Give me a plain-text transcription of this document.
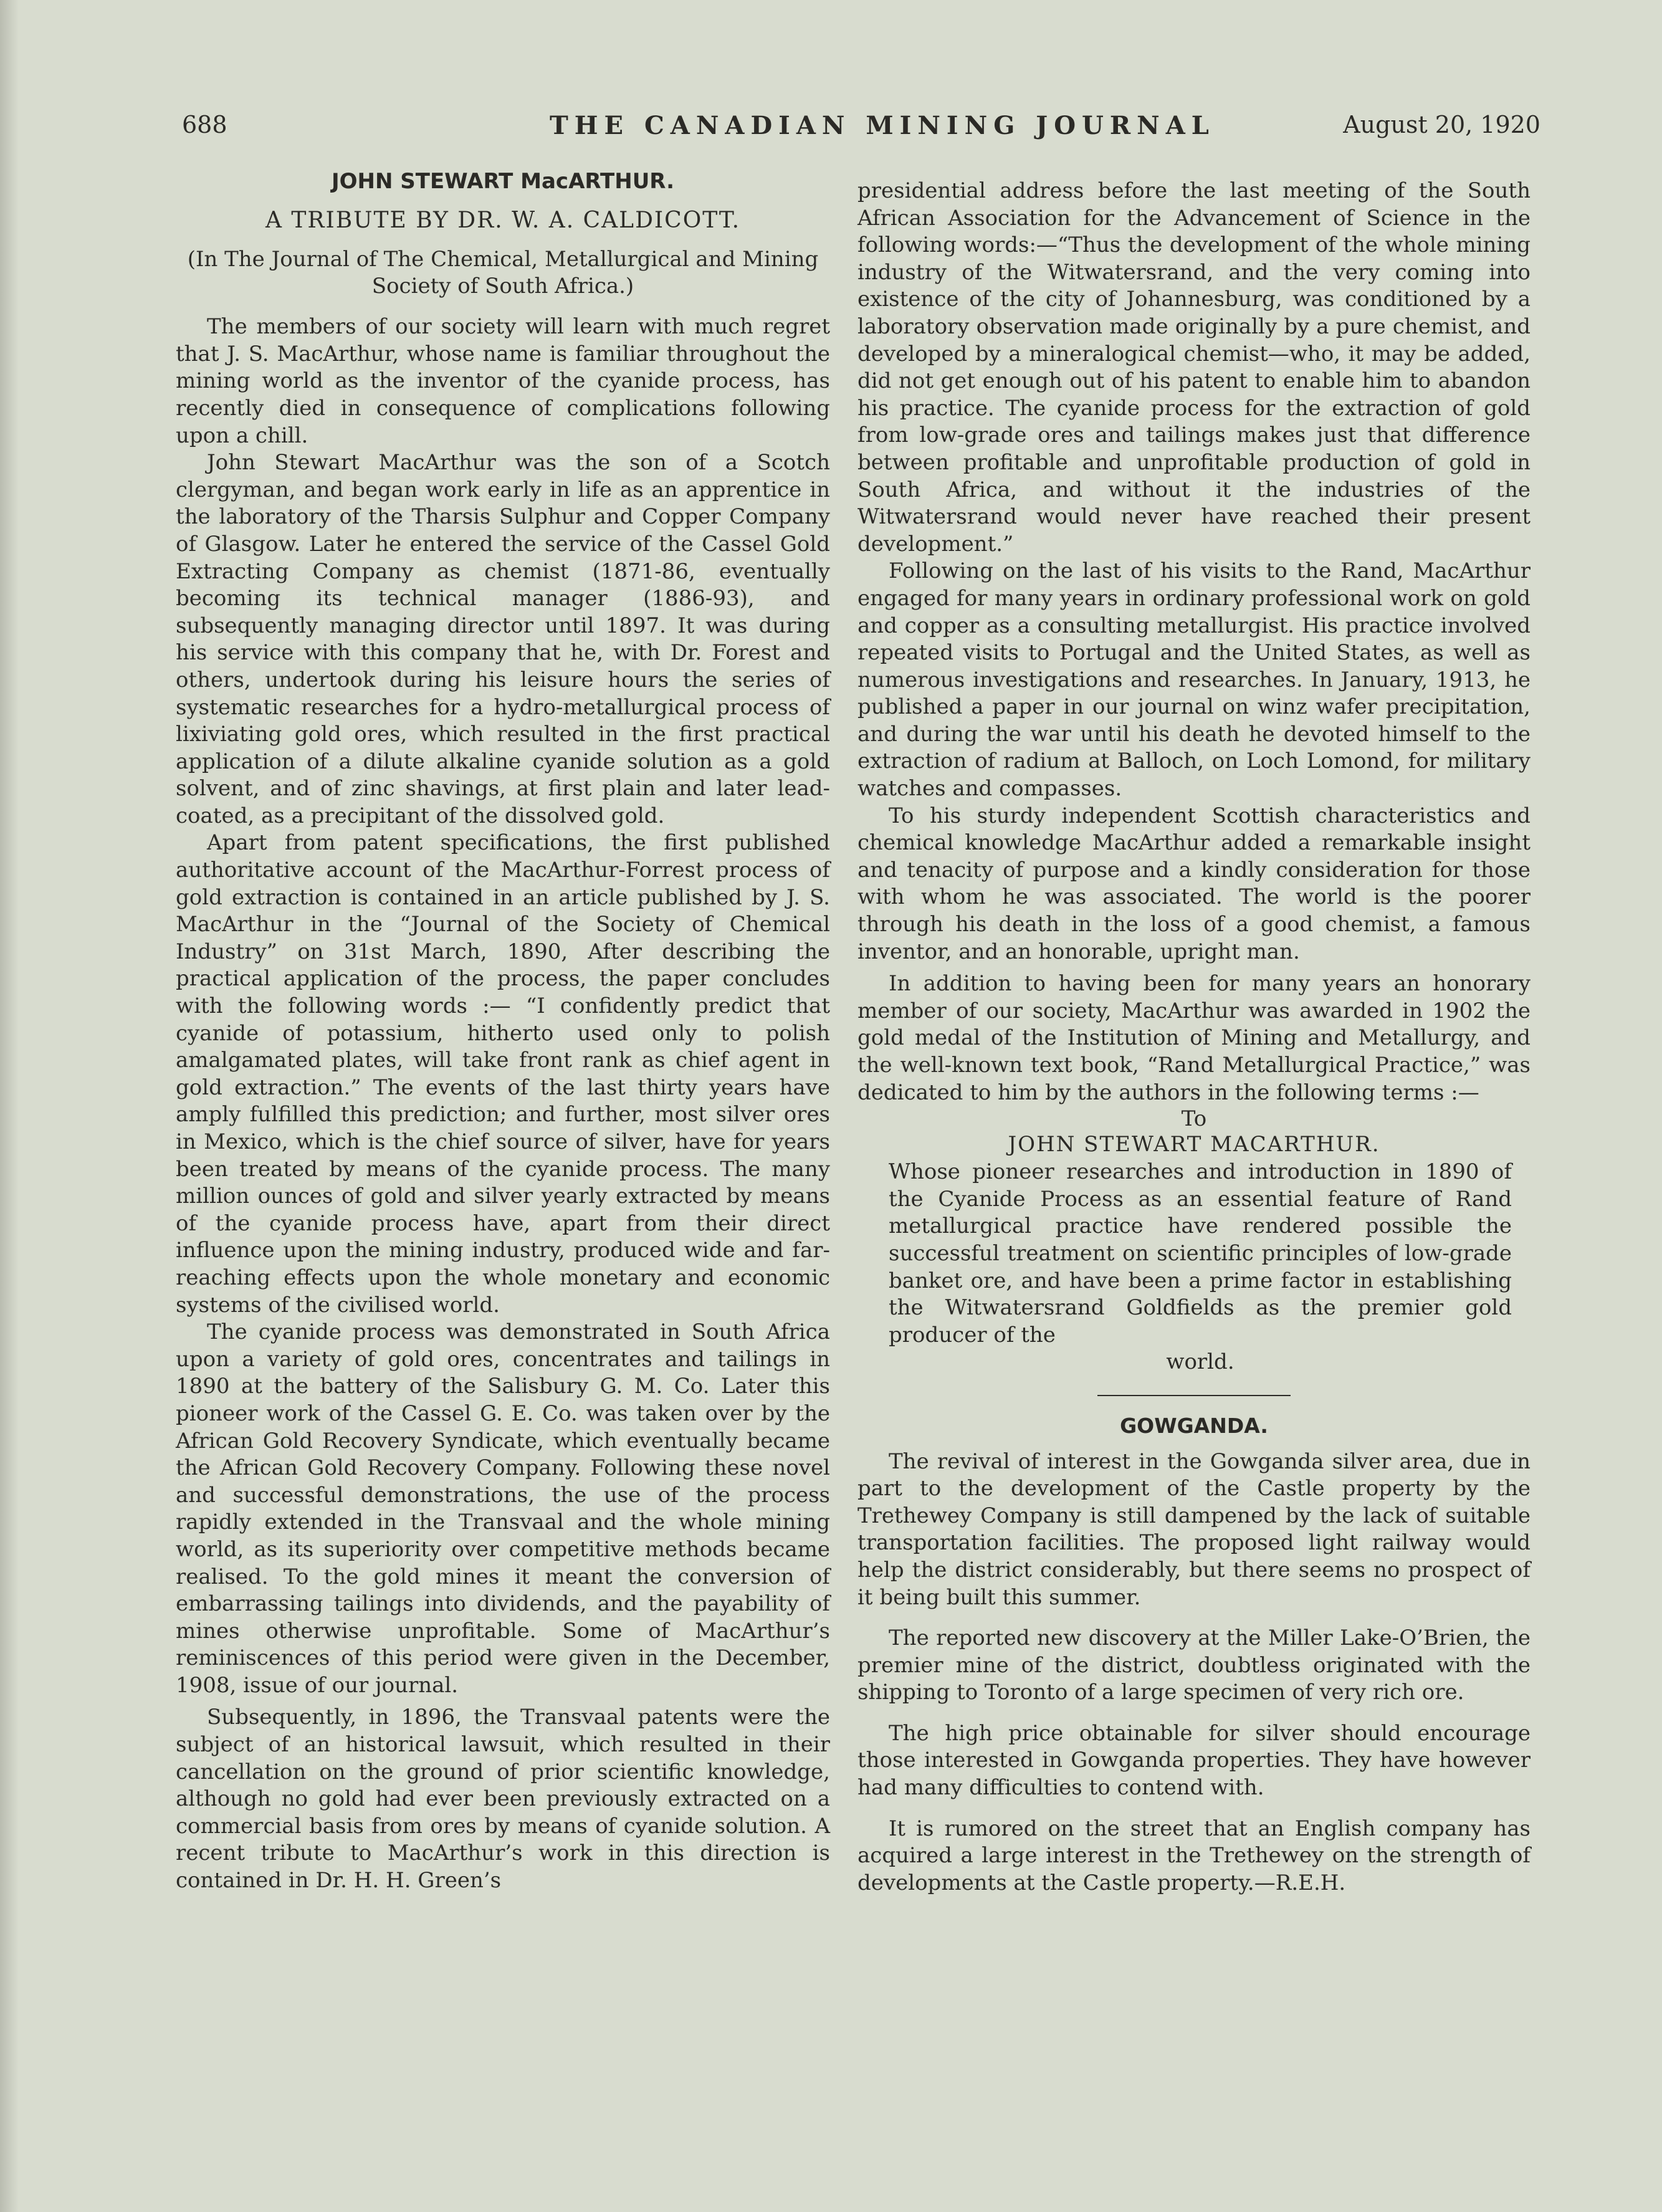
688	THE CANADIAN MINING JOURNAL	August 20, 1920
JOHN STEWART MacARTHUR.
A TRIBUTE BY DR. W. A. CALDICOTT.
(In The Journal of The Chemical, Metallurgical and Mining Society of South Africa.)

The members of our society will learn with much regret that J. S. MacArthur, whose name is familiar throughout the mining world as the inventor of the cyanide process, has recently died in consequence of complications following upon a chill.

John Stewart MacArthur was the son of a Scotch clergyman, and began work early in life as an apprentice in the laboratory of the Tharsis Sulphur and Copper Company of Glasgow. Later he entered the service of the Cassel Gold Extracting Company as chemist (1871-86, eventually becoming its technical manager (1886-93), and subsequently managing director until 1897. It was during his service with this company that he, with Dr. Forest and others, undertook during his leisure hours the series of systematic researches for a hydro-metallurgical process of lixiviating gold ores, which resulted in the first practical application of a dilute alkaline cyanide solution as a gold solvent, and of zinc shavings, at first plain and later lead-coated, as a precipitant of the dissolved gold.

Apart from patent specifications, the first published authoritative account of the MacArthur-Forrest process of gold extraction is contained in an article published by J. S. MacArthur in the “Journal of the Society of Chemical Industry” on 31st March, 1890, After describing the practical application of the process, the paper concludes with the following words :— “I confidently predict that cyanide of potassium, hitherto used only to polish amalgamated plates, will take front rank as chief agent in gold extraction.” The events of the last thirty years have amply fulfilled this prediction; and further, most silver ores in Mexico, which is the chief source of silver, have for years been treated by means of the cyanide process. The many million ounces of gold and silver yearly extracted by means of the cyanide process have, apart from their direct influence upon the mining industry, produced wide and far-reaching effects upon the whole monetary and economic systems of the civilised world.

The cyanide process was demonstrated in South Africa upon a variety of gold ores, concentrates and tailings in 1890 at the battery of the Salisbury G. M. Co. Later this pioneer work of the Cassel G. E. Co. was taken over by the African Gold Recovery Syndicate, which eventually became the African Gold Recovery Company. Following these novel and successful demonstrations, the use of the process rapidly extended in the Transvaal and the whole mining world, as its superiority over competitive methods became realised. To the gold mines it meant the conversion of embarrassing tailings into dividends, and the payability of mines otherwise unprofitable. Some of MacArthur’s reminiscences of this period were given in the December, 1908, issue of our journal.

Subsequently, in 1896, the Transvaal patents were the subject of an historical lawsuit, which resulted in their cancellation on the ground of prior scientific knowledge, although no gold had ever been previously extracted on a commercial basis from ores by means of cyanide solution. A recent tribute to MacArthur’s work in this direction is contained in Dr. H. H. Green’s

presidential address before the last meeting of the South African Association for the Advancement of Science in the following words:—“Thus the development of the whole mining industry of the Witwatersrand, and the very coming into existence of the city of Johannesburg, was conditioned by a laboratory observation made originally by a pure chemist, and developed by a mineralogical chemist—who, it may be added, did not get enough out of his patent to enable him to abandon his practice. The cyanide process for the extraction of gold from low-grade ores and tailings makes just that difference between profitable and unprofitable production of gold in South Africa, and without it the industries of the Witwatersrand would never have reached their present development.”

Following on the last of his visits to the Rand, MacArthur engaged for many years in ordinary professional work on gold and copper as a consulting metallurgist. His practice involved repeated visits to Portugal and the United States, as well as numerous investigations and researches. In January, 1913, he published a paper in our journal on winz wafer precipitation, and during the war until his death he devoted himself to the extraction of radium at Balloch, on Loch Lomond, for military watches and compasses.

To his sturdy independent Scottish characteristics and chemical knowledge MacArthur added a remarkable insight and tenacity of purpose and a kindly consideration for those with whom he was associated. The world is the poorer through his death in the loss of a good chemist, a famous inventor, and an honorable, upright man.

In addition to having been for many years an honorary member of our society, MacArthur was awarded in 1902 the gold medal of the Institution of Mining and Metallurgy, and the well-known text book, “Rand Metallurgical Practice,” was dedicated to him by the authors in the following terms :—

To
JOHN STEWART MACARTHUR.
Whose pioneer researches and introduction in 1890 of the Cyanide Process as an essential feature of Rand metallurgical practice have rendered possible the successful treatment on scientific principles of low-grade banket ore, and have been a prime factor in establishing the Witwatersrand Goldfields as the premier gold producer of the
world.
GOWGANDA.

The revival of interest in the Gowganda silver area, due in part to the development of the Castle property by the Trethewey Company is still dampened by the lack of suitable transportation facilities. The proposed light railway would help the district considerably, but there seems no prospect of it being built this summer.

The reported new discovery at the Miller Lake-O’Brien, the premier mine of the district, doubtless originated with the shipping to Toronto of a large specimen of very rich ore.

The high price obtainable for silver should encourage those interested in Gowganda properties. They have however had many difficulties to contend with.

It is rumored on the street that an English company has acquired a large interest in the Trethewey on the strength of developments at the Castle property.—R.E.H.
